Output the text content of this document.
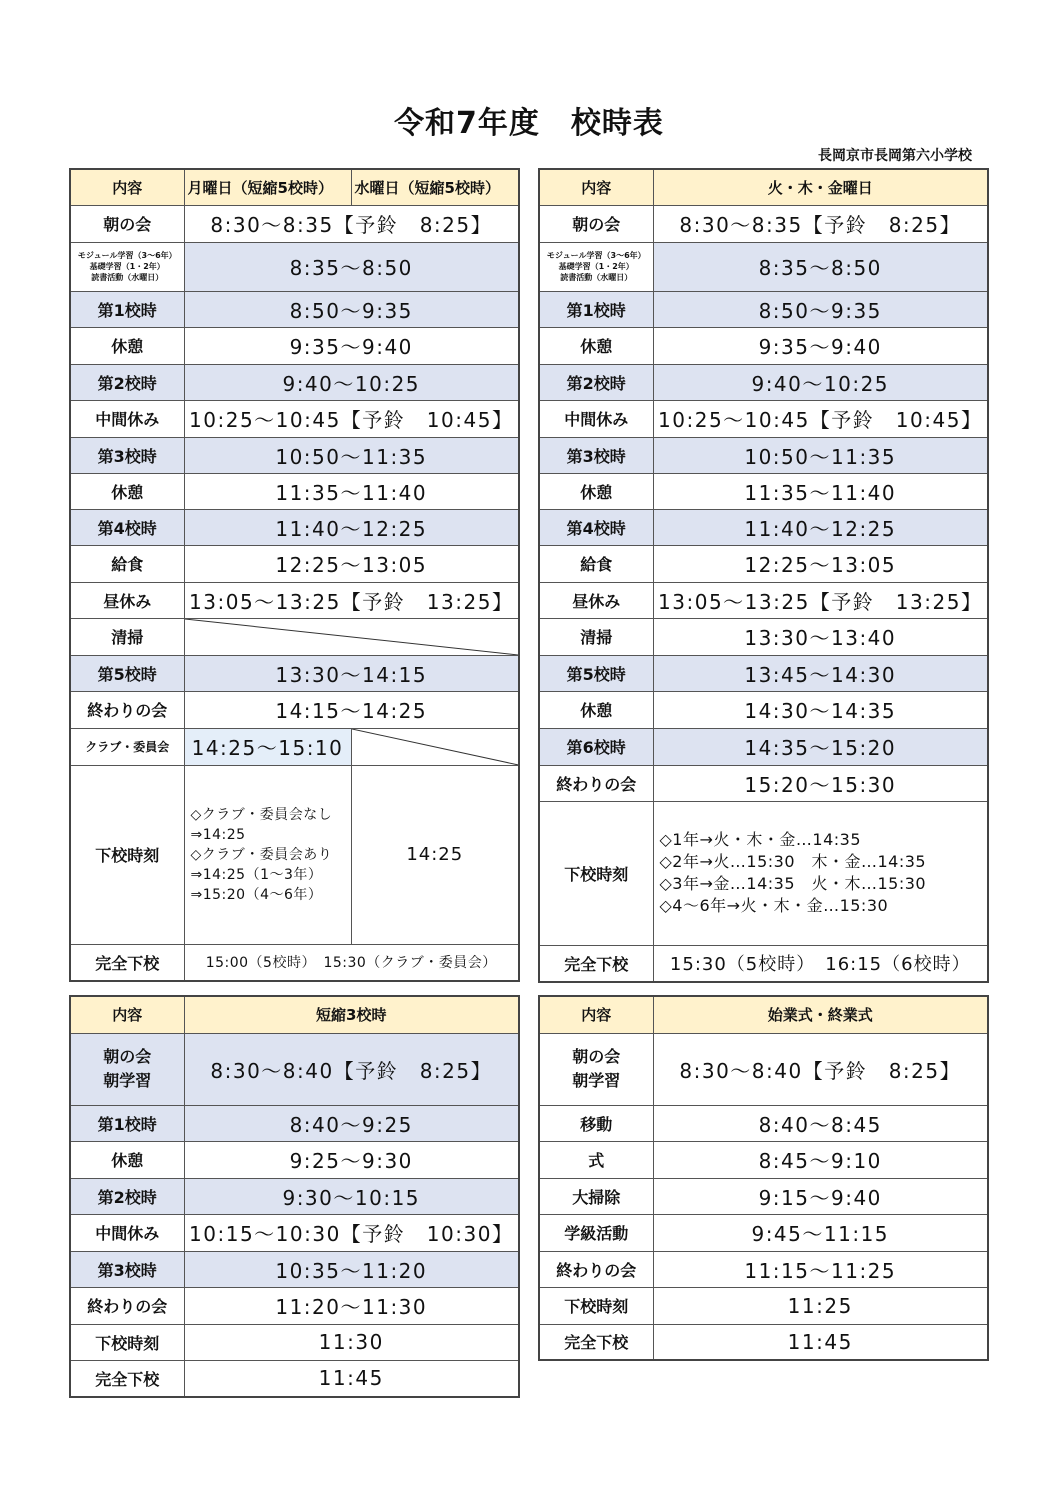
令和7年度　校時表
長岡京市長岡第六小学校
内容	月曜日（短縮5校時）	水曜日（短縮5校時）
朝の会	8:30〜8:35【予鈴　8:25】	

モジュール学習（3〜6年）
基礎学習（1・2年）
読書活動（水曜日）	8:35〜8:50	
第1校時	8:50〜9:35	
休憩	9:35〜9:40	
第2校時	9:40〜10:25	
中間休み	10:25〜10:45【予鈴　10:45】	
第3校時	10:50〜11:35	
休憩	11:35〜11:40	
第4校時	11:40〜12:25	
給食	12:25〜13:05	
昼休み	13:05〜13:25【予鈴　13:25】	
清掃	

第5校時	13:30〜14:15	
終わりの会	14:15〜14:25	
クラブ・委員会	14:25〜15:10	

下校時刻	◇クラブ・委員会なし
⇒14:25
◇クラブ・委員会あり
⇒14:25（1〜3年）
⇒15:20（4〜6年）	14:25
完全下校	15:00（5校時）　15:30（クラブ・委員会）	
内容	火・木・金曜日
朝の会	8:30〜8:35【予鈴　8:25】

モジュール学習（3〜6年）
基礎学習（1・2年）
読書活動（水曜日）	8:35〜8:50
第1校時	8:50〜9:35
休憩	9:35〜9:40
第2校時	9:40〜10:25
中間休み	10:25〜10:45【予鈴　10:45】
第3校時	10:50〜11:35
休憩	11:35〜11:40
第4校時	11:40〜12:25
給食	12:25〜13:05
昼休み	13:05〜13:25【予鈴　13:25】
清掃	13:30〜13:40
第5校時	13:45〜14:30
休憩	14:30〜14:35
第6校時	14:35〜15:20
終わりの会	15:20〜15:30
下校時刻	◇1年→火・木・金…14:35
◇2年→火…15:30　木・金…14:35
◇3年→金…14:35　火・木…15:30
◇4〜6年→火・木・金…15:30

完全下校	15:30（5校時）　16:15（6校時）
内容	短縮3校時

朝の会
朝学習	8:30〜8:40【予鈴　8:25】
第1校時	8:40〜9:25
休憩	9:25〜9:30
第2校時	9:30〜10:15
中間休み	10:15〜10:30【予鈴　10:30】
第3校時	10:35〜11:20
終わりの会	11:20〜11:30
下校時刻	11:30
完全下校	11:45
内容	始業式・終業式

朝の会
朝学習	8:30〜8:40【予鈴　8:25】
移動	8:40〜8:45
式	8:45〜9:10
大掃除	9:15〜9:40
学級活動	9:45〜11:15
終わりの会	11:15〜11:25
下校時刻	11:25
完全下校	11:45
